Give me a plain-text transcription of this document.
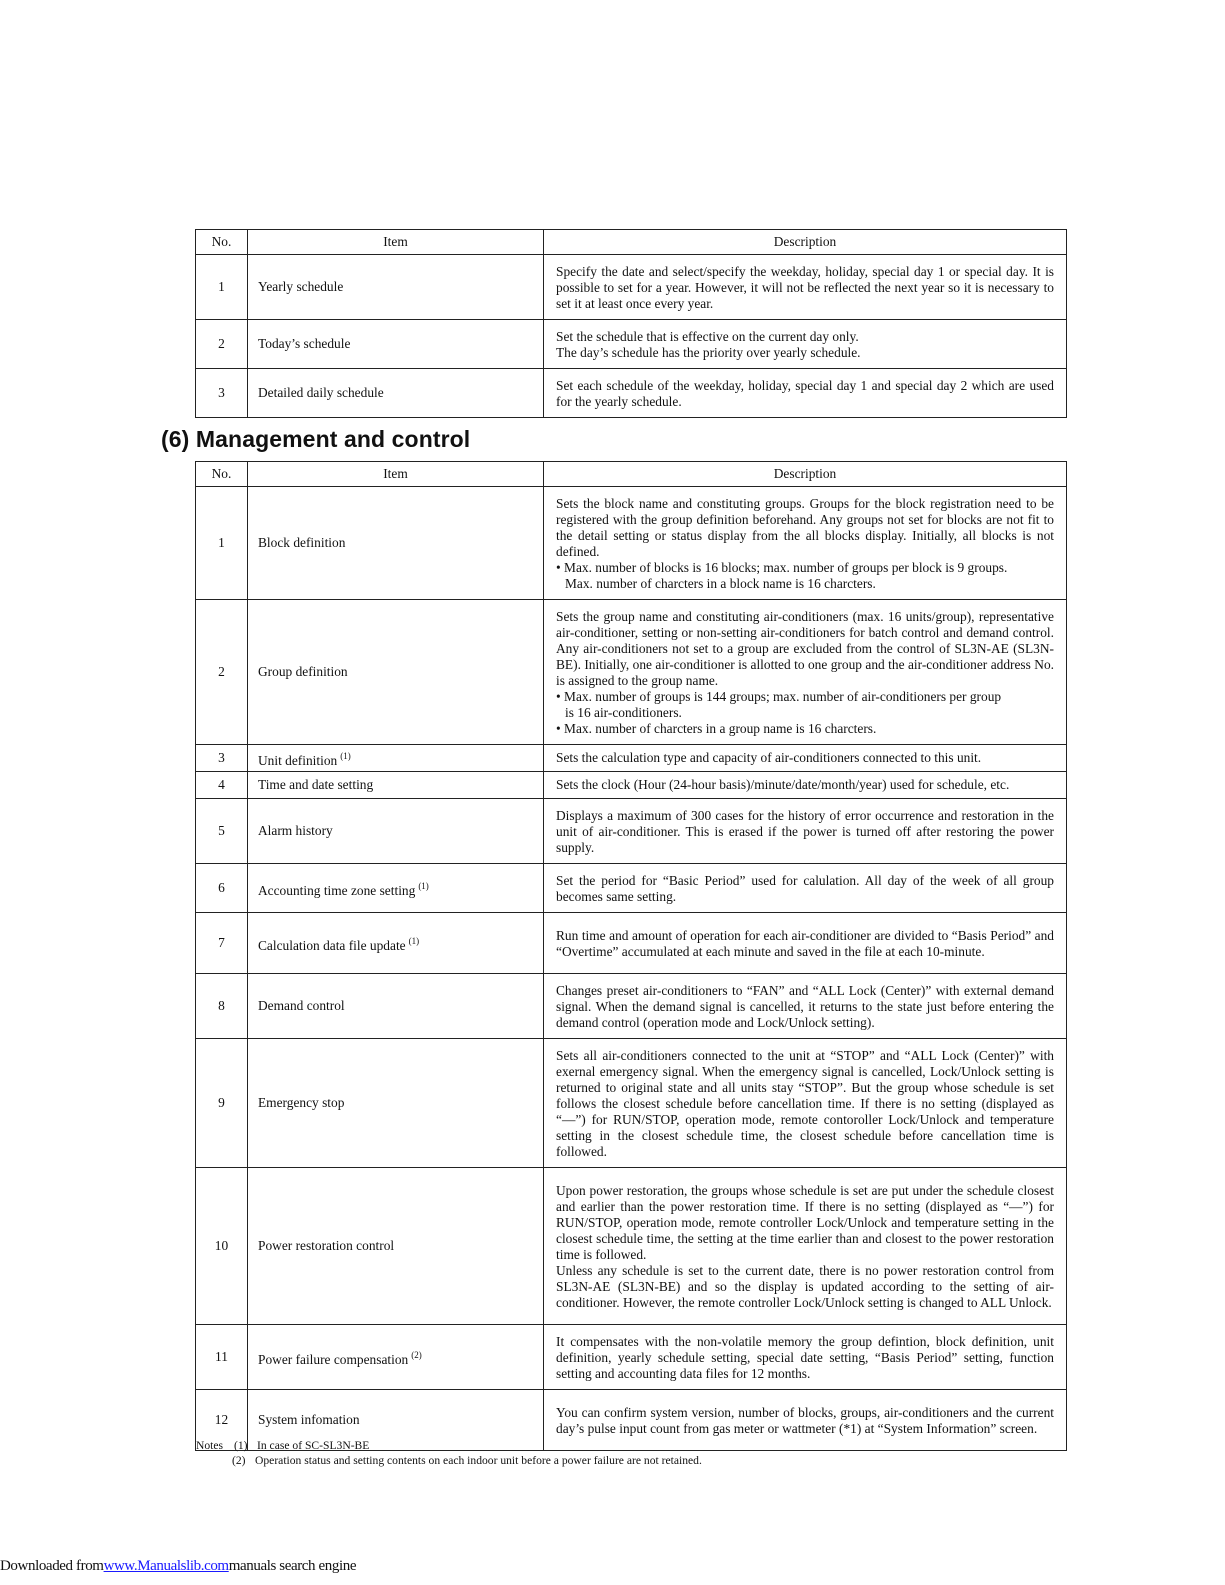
No.	Item	Description
1	Yearly schedule	Specify the date and select/specify the weekday, holiday, special day 1 or special day. It is possible to set for a year. However, it will not be reflected the next year so it is necessary to set it at least once every year.

2	Today’s schedule	Set the schedule that is effective on the current day only.
The day’s schedule has the priority over yearly schedule.

3	Detailed daily schedule	Set each schedule of the weekday, holiday, special day 1 and special day 2 which are used for the yearly schedule.
(6) Management and control
No.	Item	Description
1	Block definition	Sets the block name and constituting groups. Groups for the block registration need to be registered with the group definition beforehand. Any groups not set for blocks are not fit to the detail setting or status display from the all blocks display. Initially, all blocks is not defined.
• Max. number of blocks is 16 blocks; max. number of groups per block is 9 groups.
Max. number of charcters in a block name is 16 charcters.

2	Group definition	Sets the group name and constituting air-conditioners (max. 16 units/group), representative air-conditioner, setting or non-setting air-conditioners for batch control and demand control. Any air-conditioners not set to a group are excluded from the control of SL3N-AE (SL3N-BE). Initially, one air-conditioner is allotted to one group and the air-conditioner address No. is assigned to the group name.
• Max. number of groups is 144 groups; max. number of air-conditioners per group
is 16 air-conditioners.
• Max. number of charcters in a group name is 16 charcters.

3	Unit definition $^{(1)}$	Sets the calculation type and capacity of air-conditioners connected to this unit.

4	Time and date setting	Sets the clock (Hour (24-hour basis)/minute/date/month/year) used for schedule, etc.

5	Alarm history	Displays a maximum of 300 cases for the history of error occurrence and restoration in the unit of air-conditioner. This is erased if the power is turned off after restoring the power supply.

6	Accounting time zone setting $^{(1)}$	Set the period for “Basic Period” used for calulation. All day of the week of all group becomes same setting.

7	Calculation data file update $^{(1)}$	Run time and amount of operation for each air-conditioner are divided to “Basis Period” and “Overtime” accumulated at each minute and saved in the file at each 10-minute.

8	Demand control	Changes preset air-conditioners to “FAN” and “ALL Lock (Center)” with external demand signal. When the demand signal is cancelled, it returns to the state just before entering the demand control (operation mode and Lock/Unlock setting).

9	Emergency stop	Sets all air-conditioners connected to the unit at “STOP” and “ALL Lock (Center)” with exernal emergency signal. When the emergency signal is cancelled, Lock/Unlock setting is returned to original state and all units stay “STOP”. But the group whose schedule is set follows the closest schedule before cancellation time. If there is no setting (displayed as “—”) for RUN/STOP, operation mode, remote contoroller Lock/Unlock and temperature setting in the closest schedule time, the closest schedule before cancellation time is followed.

10	Power restoration control	Upon power restoration, the groups whose schedule is set are put under the schedule closest and earlier than the power restoration time. If there is no setting (displayed as “—”) for RUN/STOP, operation mode, remote controller Lock/Unlock and temperature setting in the closest schedule time, the setting at the time earlier than and closest to the power restoration time is followed.
Unless any schedule is set to the current date, there is no power restoration control from SL3N-AE (SL3N-BE) and so the display is updated according to the setting of air-conditioner. However, the remote controller Lock/Unlock setting is changed to ALL Unlock.

11	Power failure compensation $^{(2)}$	It compensates with the non-volatile memory the group defintion, block definition, unit definition, yearly schedule setting, special date setting, “Basis Period” setting, function setting and accounting data files for 12 months.

12	System infomation	You can confirm system version, number of blocks, groups, air-conditioners and the current day’s pulse input count from gas meter or wattmeter (*1) at “System Information” screen.
Notes (1) In case of SC-SL3N-BE
(2) Operation status and setting contents on each indoor unit before a power failure are not retained.
Downloaded fromwww.Manualslib.commanuals search engine
